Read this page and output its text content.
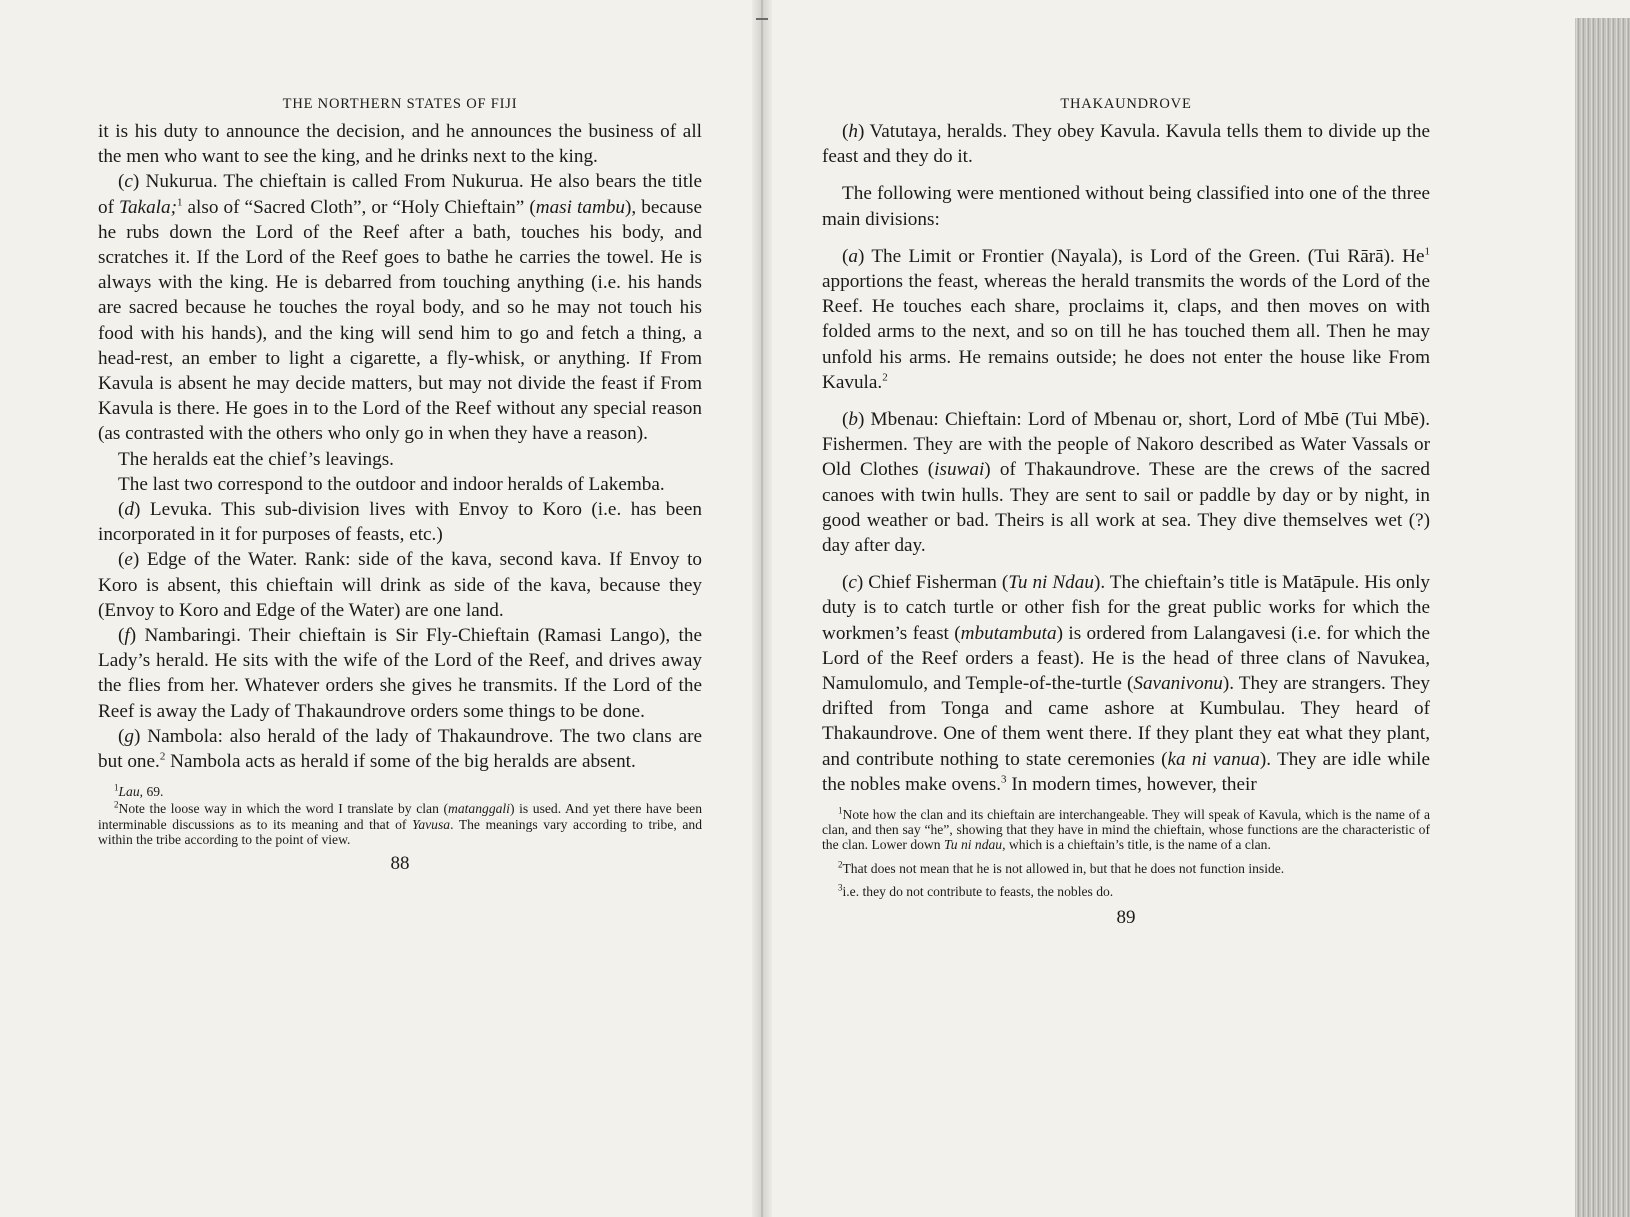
THE NORTHERN STATES OF FIJI

it is his duty to announce the decision, and he announces the business of all the men who want to see the king, and he drinks next to the king.

(c) Nukurua. The chieftain is called From Nukurua. He also bears the title of Takala;$^1$ also of “Sacred Cloth”, or “Holy Chieftain” (masi tambu), because he rubs down the Lord of the Reef after a bath, touches his body, and scratches it. If the Lord of the Reef goes to bathe he carries the towel. He is always with the king. He is debarred from touching anything (i.e. his hands are sacred because he touches the royal body, and so he may not touch his food with his hands), and the king will send him to go and fetch a thing, a head-rest, an ember to light a cigarette, a fly-whisk, or anything. If From Kavula is absent he may decide matters, but may not divide the feast if From Kavula is there. He goes in to the Lord of the Reef without any special reason (as contrasted with the others who only go in when they have a reason).

The heralds eat the chief’s leavings.

The last two correspond to the outdoor and indoor heralds of Lakemba.

(d) Levuka. This sub-division lives with Envoy to Koro (i.e. has been incorporated in it for purposes of feasts, etc.)

(e) Edge of the Water. Rank: side of the kava, second kava. If Envoy to Koro is absent, this chieftain will drink as side of the kava, because they (Envoy to Koro and Edge of the Water) are one land.

(f) Nambaringi. Their chieftain is Sir Fly-Chieftain (Ramasi Lango), the Lady’s herald. He sits with the wife of the Lord of the Reef, and drives away the flies from her. Whatever orders she gives he transmits. If the Lord of the Reef is away the Lady of Thakaundrove orders some things to be done.

(g) Nambola: also herald of the lady of Thakaundrove. The two clans are but one.$^2$ Nambola acts as herald if some of the big heralds are absent.

$^1$Lau, 69.

$^2$Note the loose way in which the word I translate by clan (matanggali) is used. And yet there have been interminable discussions as to its meaning and that of Yavusa. The meanings vary according to tribe, and within the tribe according to the point of view.

88
THAKAUNDROVE

(h) Vatutaya, heralds. They obey Kavula. Kavula tells them to divide up the feast and they do it.

The following were mentioned without being classified into one of the three main divisions:

(a) The Limit or Frontier (Nayala), is Lord of the Green. (Tui Rārā). He$^1$ apportions the feast, whereas the herald transmits the words of the Lord of the Reef. He touches each share, proclaims it, claps, and then moves on with folded arms to the next, and so on till he has touched them all. Then he may unfold his arms. He remains outside; he does not enter the house like From Kavula.$^2$

(b) Mbenau: Chieftain: Lord of Mbenau or, short, Lord of Mbē (Tui Mbē). Fishermen. They are with the people of Nakoro described as Water Vassals or Old Clothes (isuwai) of Thakaundrove. These are the crews of the sacred canoes with twin hulls. They are sent to sail or paddle by day or by night, in good weather or bad. Theirs is all work at sea. They dive themselves wet (?) day after day.

(c) Chief Fisherman (Tu ni Ndau). The chieftain’s title is Matāpule. His only duty is to catch turtle or other fish for the great public works for which the workmen’s feast (mbutambuta) is ordered from Lalangavesi (i.e. for which the Lord of the Reef orders a feast). He is the head of three clans of Navukea, Namulomulo, and Temple-of-the-turtle (Savanivonu). They are strangers. They drifted from Tonga and came ashore at Kumbulau. They heard of Thakaundrove. One of them went there. If they plant they eat what they plant, and contribute nothing to state ceremonies (ka ni vanua). They are idle while the nobles make ovens.$^3$ In modern times, however, their

$^1$Note how the clan and its chieftain are interchangeable. They will speak of Kavula, which is the name of a clan, and then say “he”, showing that they have in mind the chieftain, whose functions are the characteristic of the clan. Lower down Tu ni ndau, which is a chieftain’s title, is the name of a clan.

$^2$That does not mean that he is not allowed in, but that he does not function inside.

$^3$i.e. they do not contribute to feasts, the nobles do.

89
